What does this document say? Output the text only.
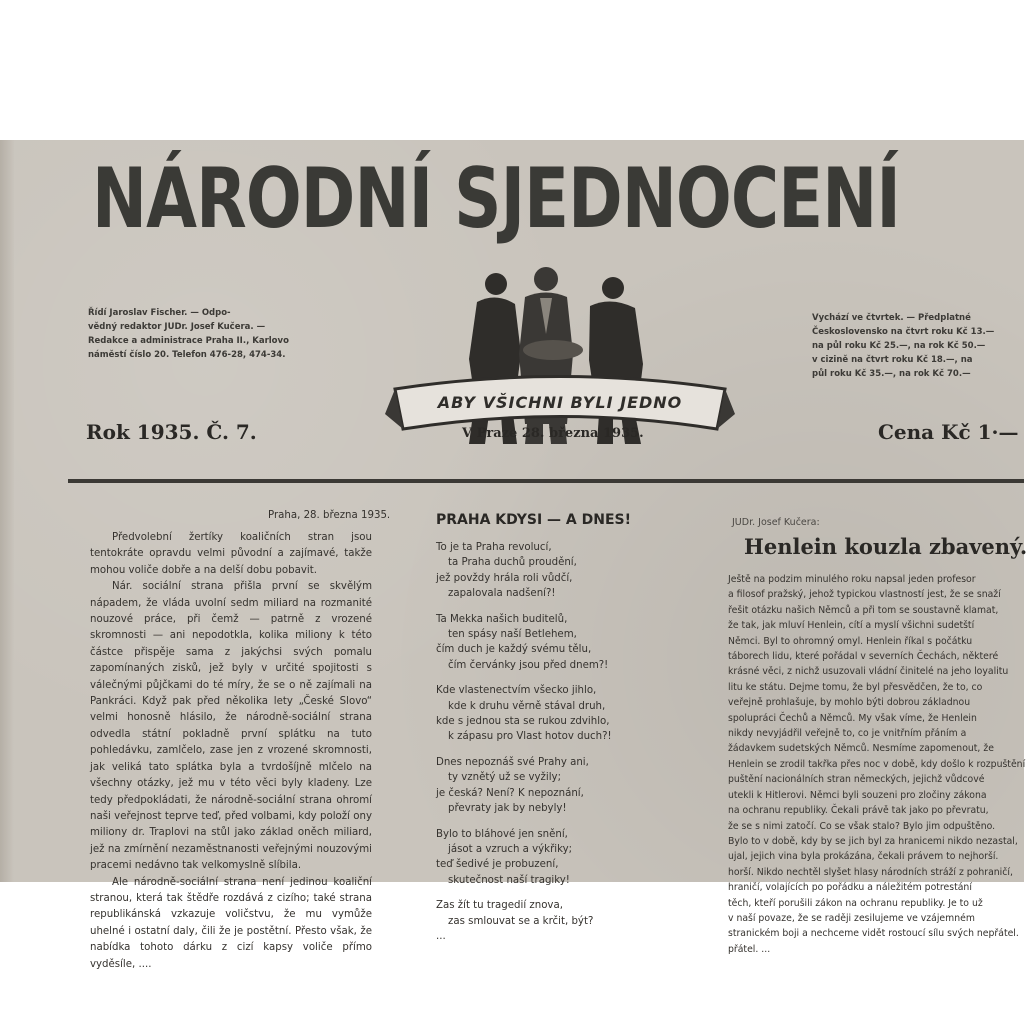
NÁRODNÍ SJEDNOCENÍ
Řídí Jaroslav Fischer. — Odpo-
vědný redaktor JUDr. Josef Kučera. —
Redakce a administrace Praha II., Karlovo
náměstí číslo 20. Telefon 476-28, 474-34.
ABY VŠICHNI BYLI JEDNO
Vychází ve čtvrtek. — Předplatné
Československo na čtvrt roku Kč 13.—
na půl roku Kč 25.—, na rok Kč 50.—
v cizině na čtvrt roku Kč 18.—, na
půl roku Kč 35.—, na rok Kč 70.—
Rok 1935. Č. 7.	V Praze 28. března 1935.	Cena Kč 1·—
Praha, 28. března 1935.

Předvolební žertíky koaličních stran jsou tentokráte opravdu velmi původní a zajímavé, takže mohou voliče dobře a na delší dobu pobavit.

Nár. sociální strana přišla první se skvělým nápadem, že vláda uvolní sedm miliard na rozmanité nouzové práce, při čemž — patrně z vrozené skromnosti — ani nepodotkla, kolika miliony k této částce přispěje sama z jakýchsi svých pomalu zapomínaných zisků, jež byly v určité spojitosti s válečnými půjčkami do té míry, že se o ně zajímali na Pankráci. Když pak před několika lety „České Slovo“ velmi honosně hlásilo, že národně-sociální strana odvedla státní pokladně první splátku na tuto pohledávku, zamlčelo, zase jen z vrozené skromnosti, jak veliká tato splátka byla a tvrdošíjně mlčelo na všechny otázky, jež mu v této věci byly kladeny. Lze tedy předpokládati, že národně-sociální strana ohromí naši veřejnost teprve teď, před volbami, kdy položí ony miliony dr. Traplovi na stůl jako základ oněch miliard, jež na zmírnění nezaměstnanosti veřejnými nouzovými pracemi nedávno tak velkomyslně slíbila.

Ale národně-sociální strana není jedinou koaliční stranou, která tak štědře rozdává z cizího; také strana republikánská vzkazuje voličstvu, že mu vymůže uhelné i ostatní daly, čili že je postětní. Přesto však, že nabídka tohoto dárku z cizí kapsy voliče přímo vyděsíle, ....

PRAHA KDYSI — A DNES!
To je ta Praha revolucí,
ta Praha duchů proudění,
jež povždy hrála roli vůdčí,
zapalovala nadšení?!
Ta Mekka našich buditelů,
ten spásy naší Betlehem,
čím duch je každý svému tělu,
čím červánky jsou před dnem?!
Kde vlastenectvím všecko jihlo,
kde k druhu věrně stával druh,
kde s jednou sta se rukou zdvihlo,
k zápasu pro Vlast hotov duch?!
Dnes nepoznáš své Prahy ani,
ty vznětý už se vyžily;
je česká? Není? K nepoznání,
převraty jak by nebyly!
Bylo to bláhové jen snění,
jásot a vzruch a výkřiky;
teď šedivé je probuzení,
skutečnost naší tragiky!
Zas žít tu tragedií znova,
zas smlouvat se a krčit, být?
...
JUDr. Josef Kučera:
Henlein kouzla zbavený.
Ještě na podzim minulého roku napsal jeden profesor
a filosof pražský, jehož typickou vlastností jest, že se snaží
řešit otázku našich Němců a při tom se soustavně klamat,
že tak, jak mluví Henlein, cítí a myslí všichni sudetští
Němci. Byl to ohromný omyl. Henlein říkal s počátku
táborech lidu, které pořádal v severních Čechách, některé
krásné věci, z nichž usuzovali vládní činitelé na jeho loyalitu
litu ke státu. Dejme tomu, že byl přesvědčen, že to, co
veřejně prohlašuje, by mohlo býti dobrou základnou
spolupráci Čechů a Němců. My však víme, že Henlein
nikdy nevyjádřil veřejně to, co je vnitřním přáním a
žádavkem sudetských Němců. Nesmíme zapomenout, že
Henlein se zrodil takřka přes noc v době, kdy došlo k rozpuštění
puštění nacionálních stran německých, jejichž vůdcové
utekli k Hitlerovi. Němci byli souzeni pro zločiny zákona
na ochranu republiky. Čekali právě tak jako po převratu,
že se s nimi zatočí. Co se však stalo? Bylo jim odpuštěno.
Bylo to v době, kdy by se jich byl za hranicemi nikdo nezastal,
ujal, jejich vina byla prokázána, čekali právem to nejhorší.
horší. Nikdo nechtěl slyšet hlasy národních stráží z pohraničí,
hraničí, volajících po pořádku a náležitém potrestání
těch, kteří porušili zákon na ochranu republiky. Je to už
v naší povaze, že se raději zesilujeme ve vzájemném
stranickém boji a nechceme vidět rostoucí sílu svých nepřátel.
přátel. ...
